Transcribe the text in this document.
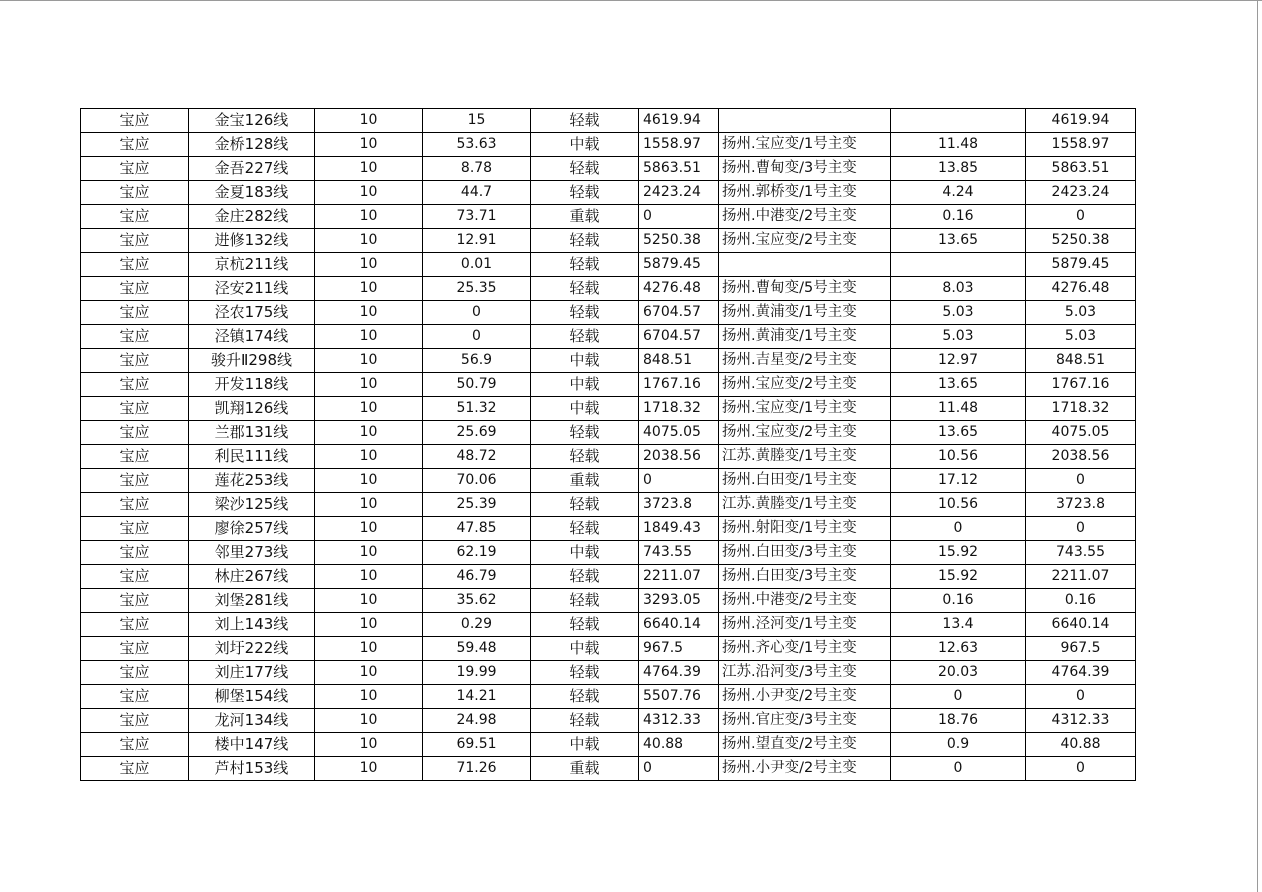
宝应	金宝126线	10	15	轻载	4619.94			4619.94
宝应	金桥128线	10	53.63	中载	1558.97	扬州.宝应变/1号主变	11.48	1558.97
宝应	金吾227线	10	8.78	轻载	5863.51	扬州.曹甸变/3号主变	13.85	5863.51
宝应	金夏183线	10	44.7	轻载	2423.24	扬州.郭桥变/1号主变	4.24	2423.24
宝应	金庄282线	10	73.71	重载	0	扬州.中港变/2号主变	0.16	0
宝应	进修132线	10	12.91	轻载	5250.38	扬州.宝应变/2号主变	13.65	5250.38
宝应	京杭211线	10	0.01	轻载	5879.45			5879.45
宝应	泾安211线	10	25.35	轻载	4276.48	扬州.曹甸变/5号主变	8.03	4276.48
宝应	泾农175线	10	0	轻载	6704.57	扬州.黄浦变/1号主变	5.03	5.03
宝应	泾镇174线	10	0	轻载	6704.57	扬州.黄浦变/1号主变	5.03	5.03
宝应	骏升Ⅱ298线	10	56.9	中载	848.51	扬州.吉星变/2号主变	12.97	848.51
宝应	开发118线	10	50.79	中载	1767.16	扬州.宝应变/2号主变	13.65	1767.16
宝应	凯翔126线	10	51.32	中载	1718.32	扬州.宝应变/1号主变	11.48	1718.32
宝应	兰郡131线	10	25.69	轻载	4075.05	扬州.宝应变/2号主变	13.65	4075.05
宝应	利民111线	10	48.72	轻载	2038.56	江苏.黄塍变/1号主变	10.56	2038.56
宝应	莲花253线	10	70.06	重载	0	扬州.白田变/1号主变	17.12	0
宝应	梁沙125线	10	25.39	轻载	3723.8	江苏.黄塍变/1号主变	10.56	3723.8
宝应	廖徐257线	10	47.85	轻载	1849.43	扬州.射阳变/1号主变	0	0
宝应	邻里273线	10	62.19	中载	743.55	扬州.白田变/3号主变	15.92	743.55
宝应	林庄267线	10	46.79	轻载	2211.07	扬州.白田变/3号主变	15.92	2211.07
宝应	刘堡281线	10	35.62	轻载	3293.05	扬州.中港变/2号主变	0.16	0.16
宝应	刘上143线	10	0.29	轻载	6640.14	扬州.泾河变/1号主变	13.4	6640.14
宝应	刘圩222线	10	59.48	中载	967.5	扬州.齐心变/1号主变	12.63	967.5
宝应	刘庄177线	10	19.99	轻载	4764.39	江苏.沿河变/3号主变	20.03	4764.39
宝应	柳堡154线	10	14.21	轻载	5507.76	扬州.小尹变/2号主变	0	0
宝应	龙河134线	10	24.98	轻载	4312.33	扬州.官庄变/3号主变	18.76	4312.33
宝应	楼中147线	10	69.51	中载	40.88	扬州.望直变/2号主变	0.9	40.88
宝应	芦村153线	10	71.26	重载	0	扬州.小尹变/2号主变	0	0
